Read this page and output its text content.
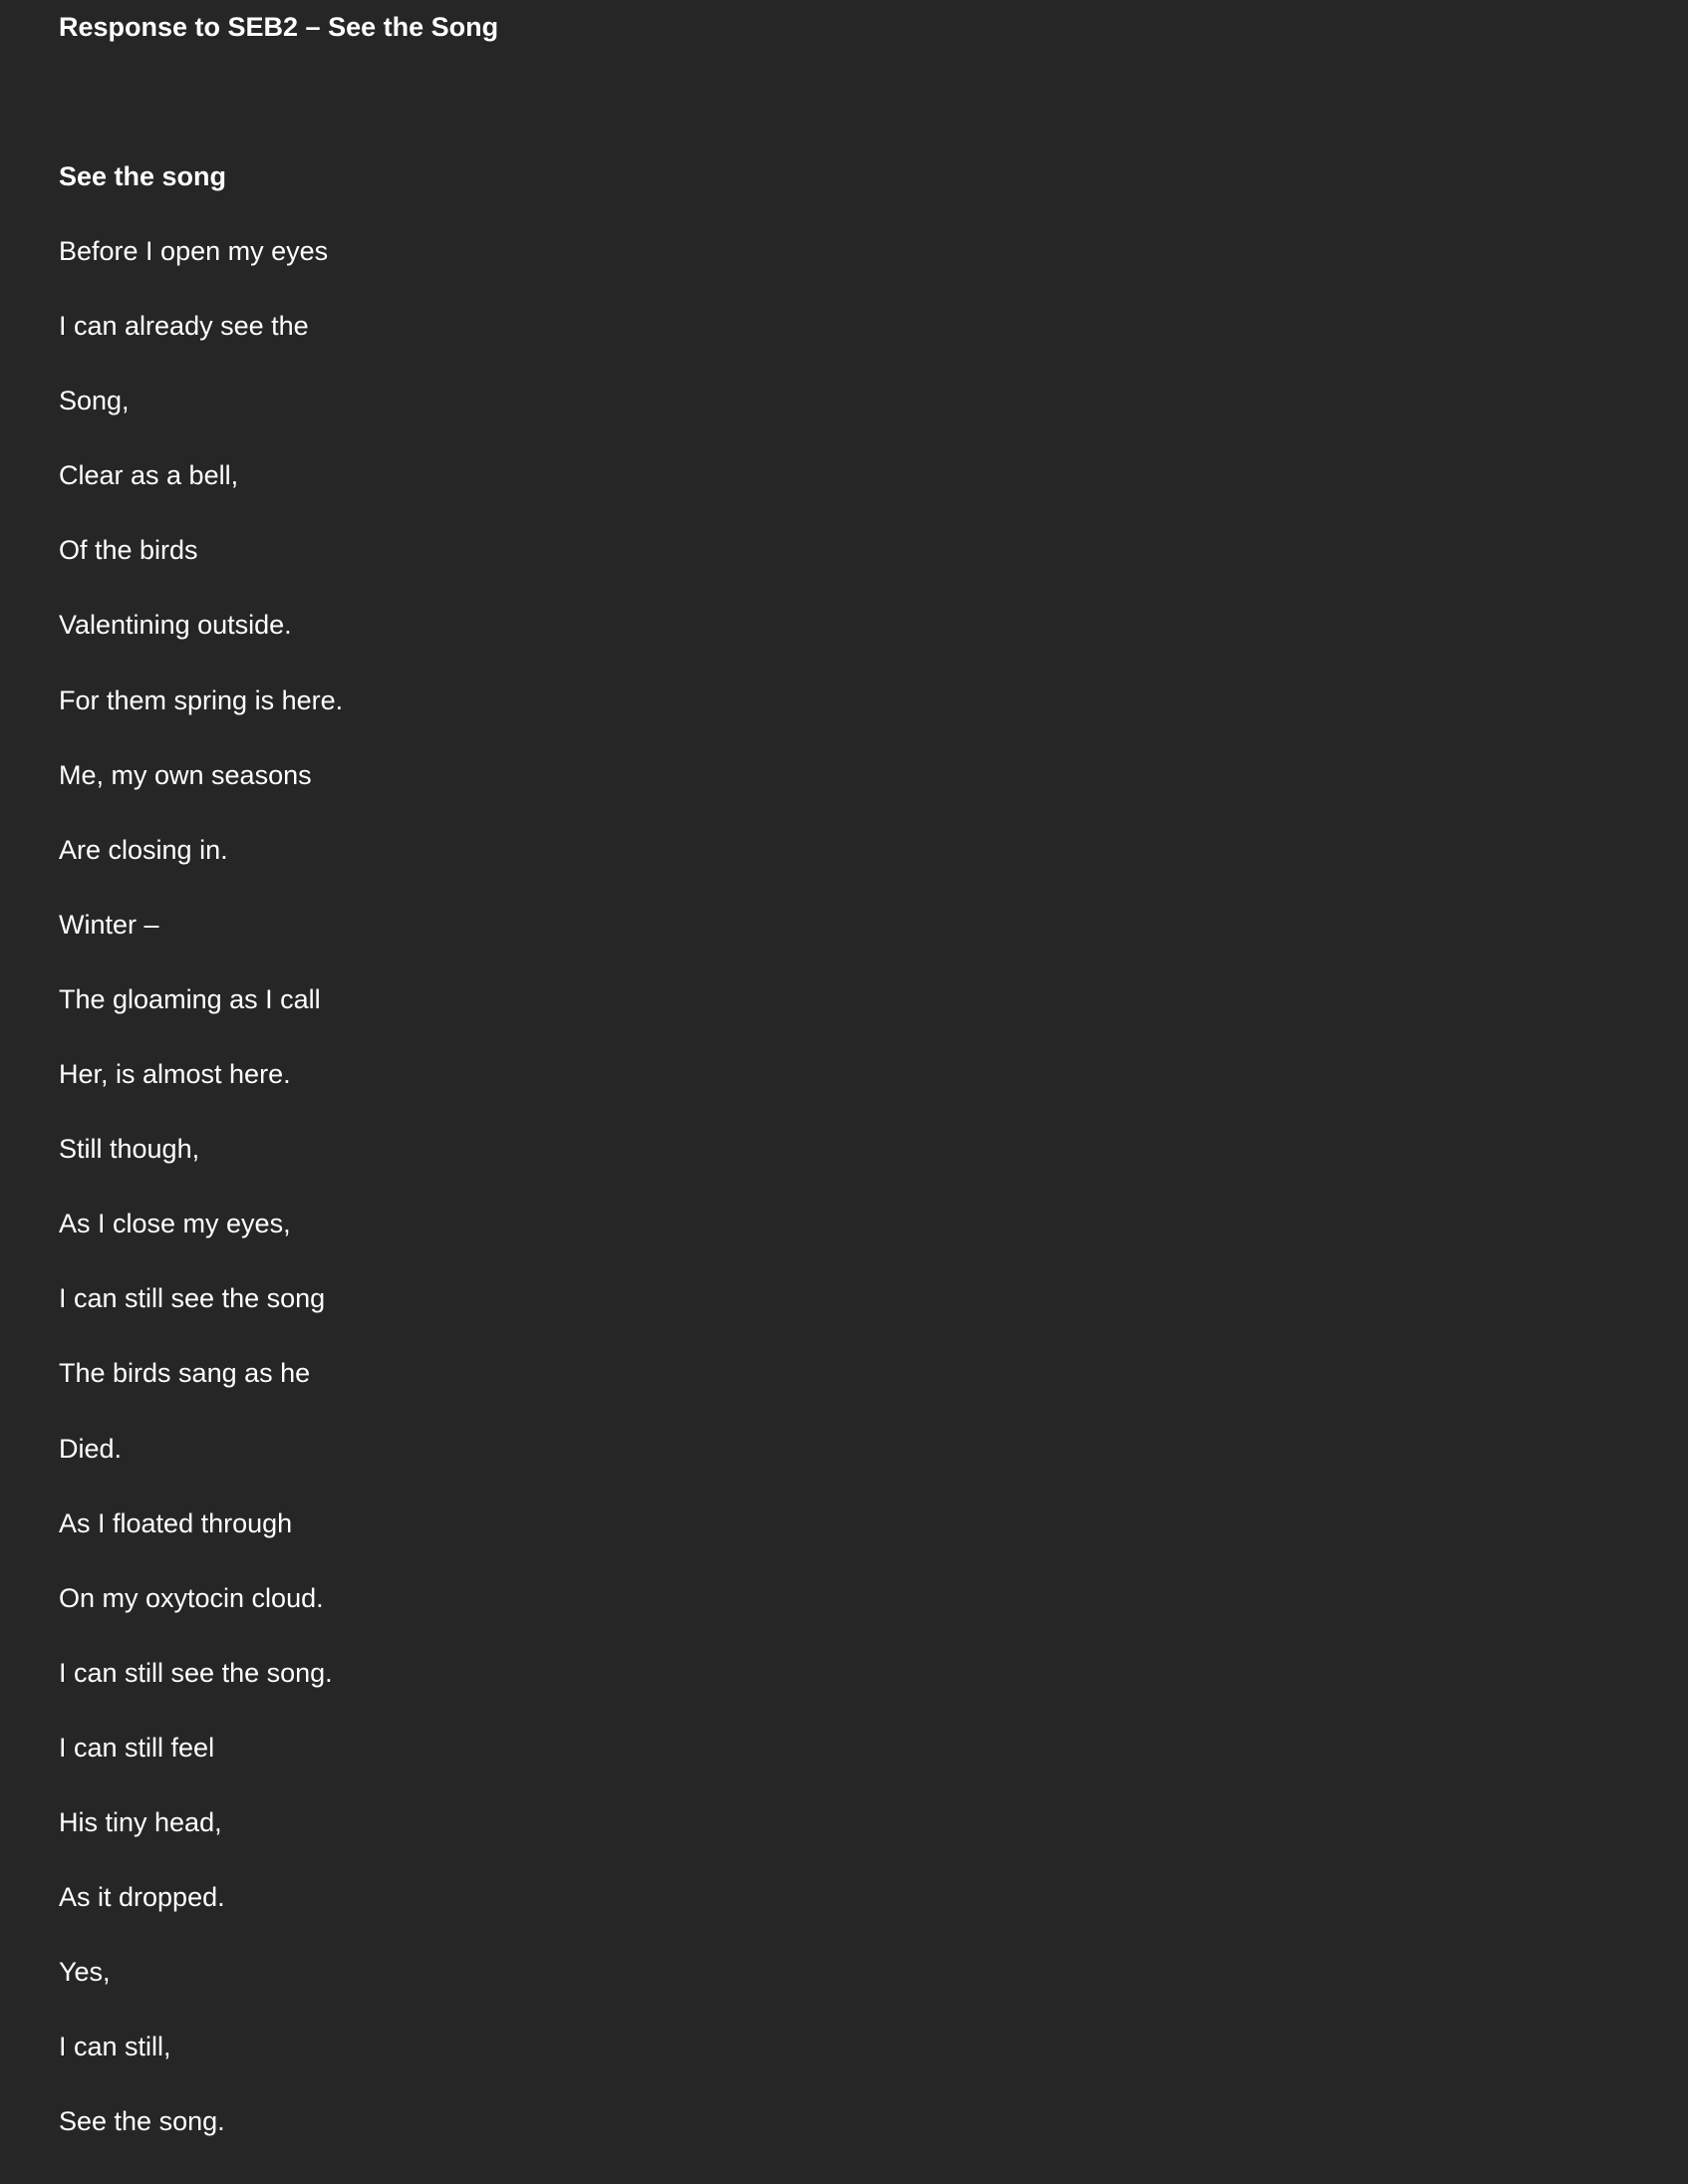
Response to SEB2 – See the Song
See the song
Before I open my eyes
I can already see the
Song,
Clear as a bell,
Of the birds
Valentining outside.
For them spring is here.
Me, my own seasons
Are closing in.
Winter –
The gloaming as I call
Her, is almost here.
Still though,
As I close my eyes,
I can still see the song
The birds sang as he
Died.
As I floated through
On my oxytocin cloud.
I can still see the song.
I can still feel
His tiny head,
As it dropped.
Yes,
I can still,
See the song.
